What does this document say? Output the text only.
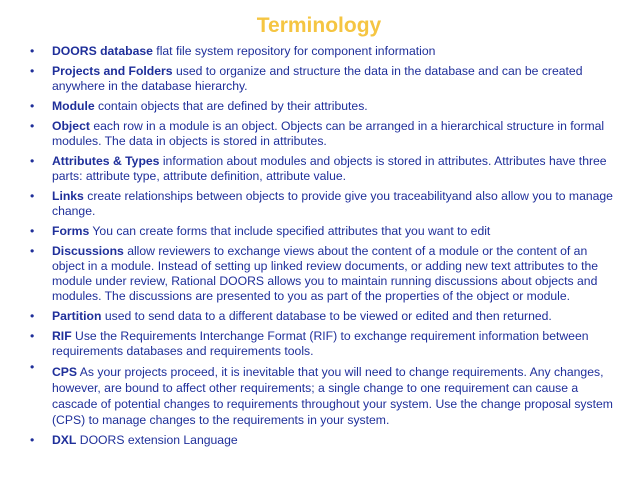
Terminology
• DOORS database flat file system repository for component information
• Projects and Folders used to organize and structure the data in the database and can be created anywhere in the database hierarchy.
• Module contain objects that are defined by their attributes.
• Object each row in a module is an object. Objects can be arranged in a hierarchical structure in formal modules. The data in objects is stored in attributes.
• Attributes & Types information about modules and objects is stored in attributes. Attributes have three parts: attribute type, attribute definition, attribute value.
• Links create relationships between objects to provide give you traceabilityand also allow you to manage change.
• Forms You can create forms that include specified attributes that you want to edit
• Discussions allow reviewers to exchange views about the content of a module or the content of an object in a module. Instead of setting up linked review documents, or adding new text attributes to the module under review, Rational DOORS allows you to maintain running discussions about objects and modules. The discussions are presented to you as part of the properties of the object or module.
• Partition used to send data to a different database to be viewed or edited and then returned.
• RIF Use the Requirements Interchange Format (RIF) to exchange requirement information between requirements databases and requirements tools.
• CPS As your projects proceed, it is inevitable that you will need to change requirements. Any changes, however, are bound to affect other requirements; a single change to one requirement can cause a cascade of potential changes to requirements throughout your system. Use the change proposal system (CPS) to manage changes to the requirements in your system.
• DXL DOORS extension Language
